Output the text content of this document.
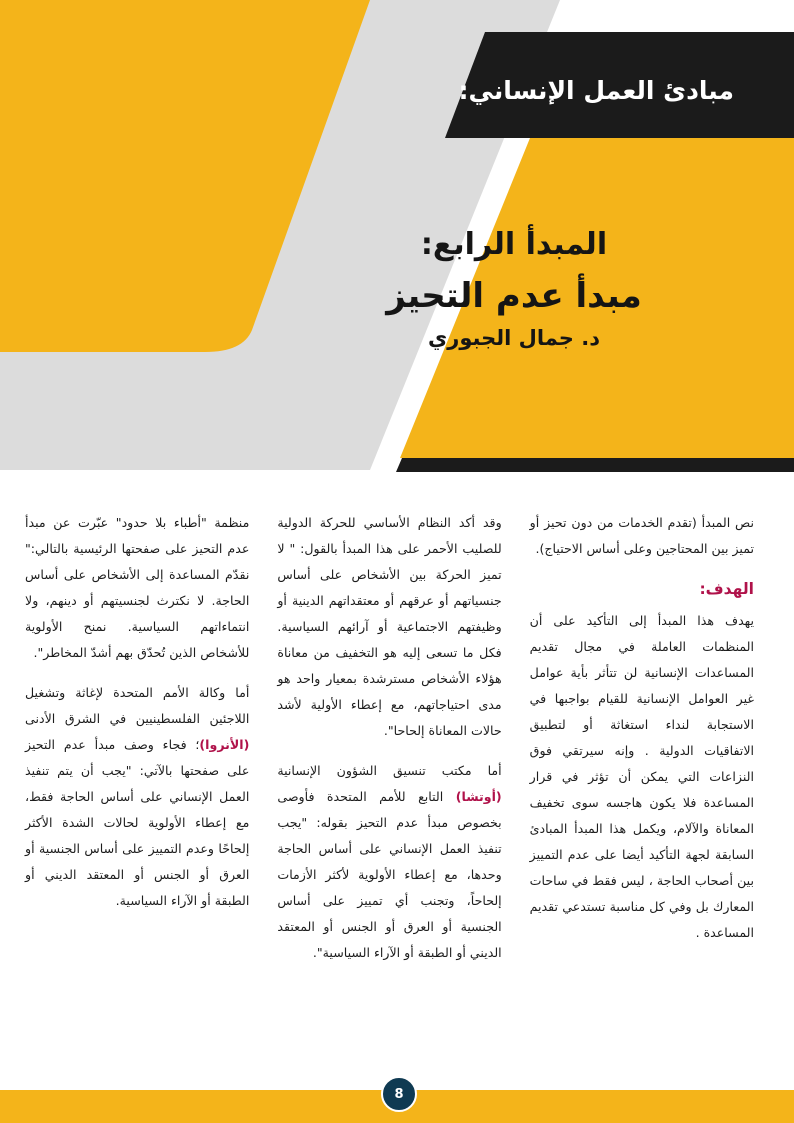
مبادئ العمل الإنساني:
المبدأ الرابع:
مبدأ عدم التحيز
د. جمال الجبوري

نص المبدأ (تقدم الخدمات من دون تحيز أو تميز بين المحتاجين وعلى أساس الاحتياج).

الهدف:

يهدف هذا المبدأ إلى التأكيد على أن المنظمات العاملة في مجال تقديم المساعدات الإنسانية لن تتأثر بأية عوامل غير العوامل الإنسانية للقيام بواجبها في الاستجابة لنداء استغاثة أو لتطبيق الاتفاقيات الدولية . وإنه سيرتقي فوق النزاعات التي يمكن أن تؤثر في قرار المساعدة فلا يكون هاجسه سوى تخفيف المعاناة والآلام، ويكمل هذا المبدأ المبادئ السابقة لجهة التأكيد أيضا على عدم التمييز بين أصحاب الحاجة ، ليس فقط في ساحات المعارك بل وفي كل مناسبة تستدعي تقديم المساعدة .

وقد أكد النظام الأساسي للحركة الدولية للصليب الأحمر على هذا المبدأ بالقول: " لا تميز الحركة بين الأشخاص على أساس جنسياتهم أو عرقهم أو معتقداتهم الدينية أو وظيفتهم الاجتماعية أو آرائهم السياسية. فكل ما تسعى إليه هو التخفيف من معاناة هؤلاء الأشخاص مسترشدة بمعيار واحد هو مدى احتياجاتهم، مع إعطاء الأولية لأشد حالات المعاناة إلحاحا".

أما مكتب تنسيق الشؤون الإنسانية (أوتشا) التابع للأمم المتحدة فأوصى بخصوص مبدأ عدم التحيز بقوله: "يجب تنفيذ العمل الإنساني على أساس الحاجة وحدها، مع إعطاء الأولوية لأكثر الأزمات إلحاحاً، وتجنب أي تمييز على أساس الجنسية أو العرق أو الجنس أو المعتقد الديني أو الطبقة أو الآراء السياسية".

منظمة "أطباء بلا حدود" عبّرت عن مبدأ عدم التحيز على صفحتها الرئيسية بالتالي:" نقدّم المساعدة إلى الأشخاص على أساس الحاجة. لا نكترث لجنسيتهم أو دينهم، ولا انتماءاتهم السياسية. نمنح الأولوية للأشخاص الذين تُحدّق بهم أشدّ المخاطر".

أما وكالة الأمم المتحدة لإغاثة وتشغيل اللاجئين الفلسطينيين في الشرق الأدنى (الأنروا)؛ فجاء وصف مبدأ عدم التحيز على صفحتها بالآتي: "يجب أن يتم تنفيذ العمل الإنساني على أساس الحاجة فقط، مع إعطاء الأولوية لحالات الشدة الأكثر إلحاحًا وعدم التمييز على أساس الجنسية أو العرق أو الجنس أو المعتقد الديني أو الطبقة أو الآراء السياسية.

8
